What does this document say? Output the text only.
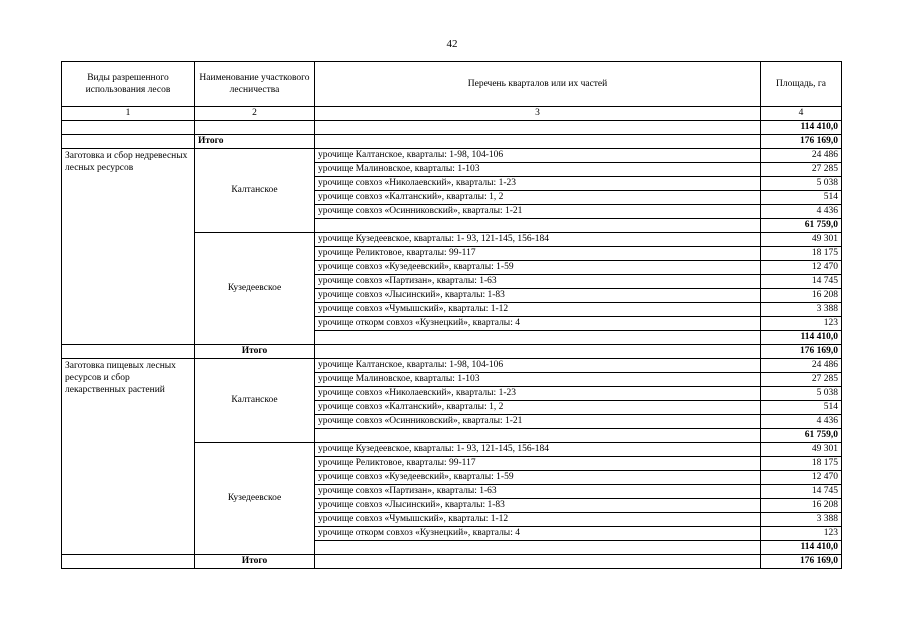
42
Виды разрешенного использования лесов	Наименование участкового лесничества	Перечень кварталов или их частей	Площадь, га
1	2	3	4
			114 410,0
	Итого		176 169,0
Заготовка и сбор недревесных лесных ресурсов	Калтанское	урочище Калтанское, кварталы: 1-98, 104-106	24 486
		урочище Малиновское, кварталы: 1-103	27 285
		урочище совхоз «Николаевский», кварталы: 1-23	5 038
		урочище совхоз «Калтанский», кварталы: 1, 2	514
		урочище совхоз «Осинниковский», кварталы: 1-21	4 436
			61 759,0
	Кузедеевское	урочище Кузедеевское, кварталы: 1- 93, 121-145, 156-184	49 301
		урочище Реликтовое, кварталы: 99-117	18 175
		урочище совхоз «Кузедеевский», кварталы: 1-59	12 470
		урочище совхоз «Партизан», кварталы: 1-63	14 745
		урочище совхоз «Лысинский», кварталы: 1-83	16 208
		урочище совхоз «Чумышский», кварталы: 1-12	3 388
		урочище откорм совхоз «Кузнецкий», кварталы: 4	123
			114 410,0
	Итого		176 169,0
Заготовка пищевых лесных ресурсов и сбор лекарственных растений	Калтанское	урочище Калтанское, кварталы: 1-98, 104-106	24 486
		урочище Малиновское, кварталы: 1-103	27 285
		урочище совхоз «Николаевский», кварталы: 1-23	5 038
		урочище совхоз «Калтанский», кварталы: 1, 2	514
		урочище совхоз «Осинниковский», кварталы: 1-21	4 436
			61 759,0
	Кузедеевское	урочище Кузедеевское, кварталы: 1- 93, 121-145, 156-184	49 301
		урочище Реликтовое, кварталы: 99-117	18 175
		урочище совхоз «Кузедеевский», кварталы: 1-59	12 470
		урочище совхоз «Партизан», кварталы: 1-63	14 745
		урочище совхоз «Лысинский», кварталы: 1-83	16 208
		урочище совхоз «Чумышский», кварталы: 1-12	3 388
		урочище откорм совхоз «Кузнецкий», кварталы: 4	123
			114 410,0
	Итого		176 169,0
